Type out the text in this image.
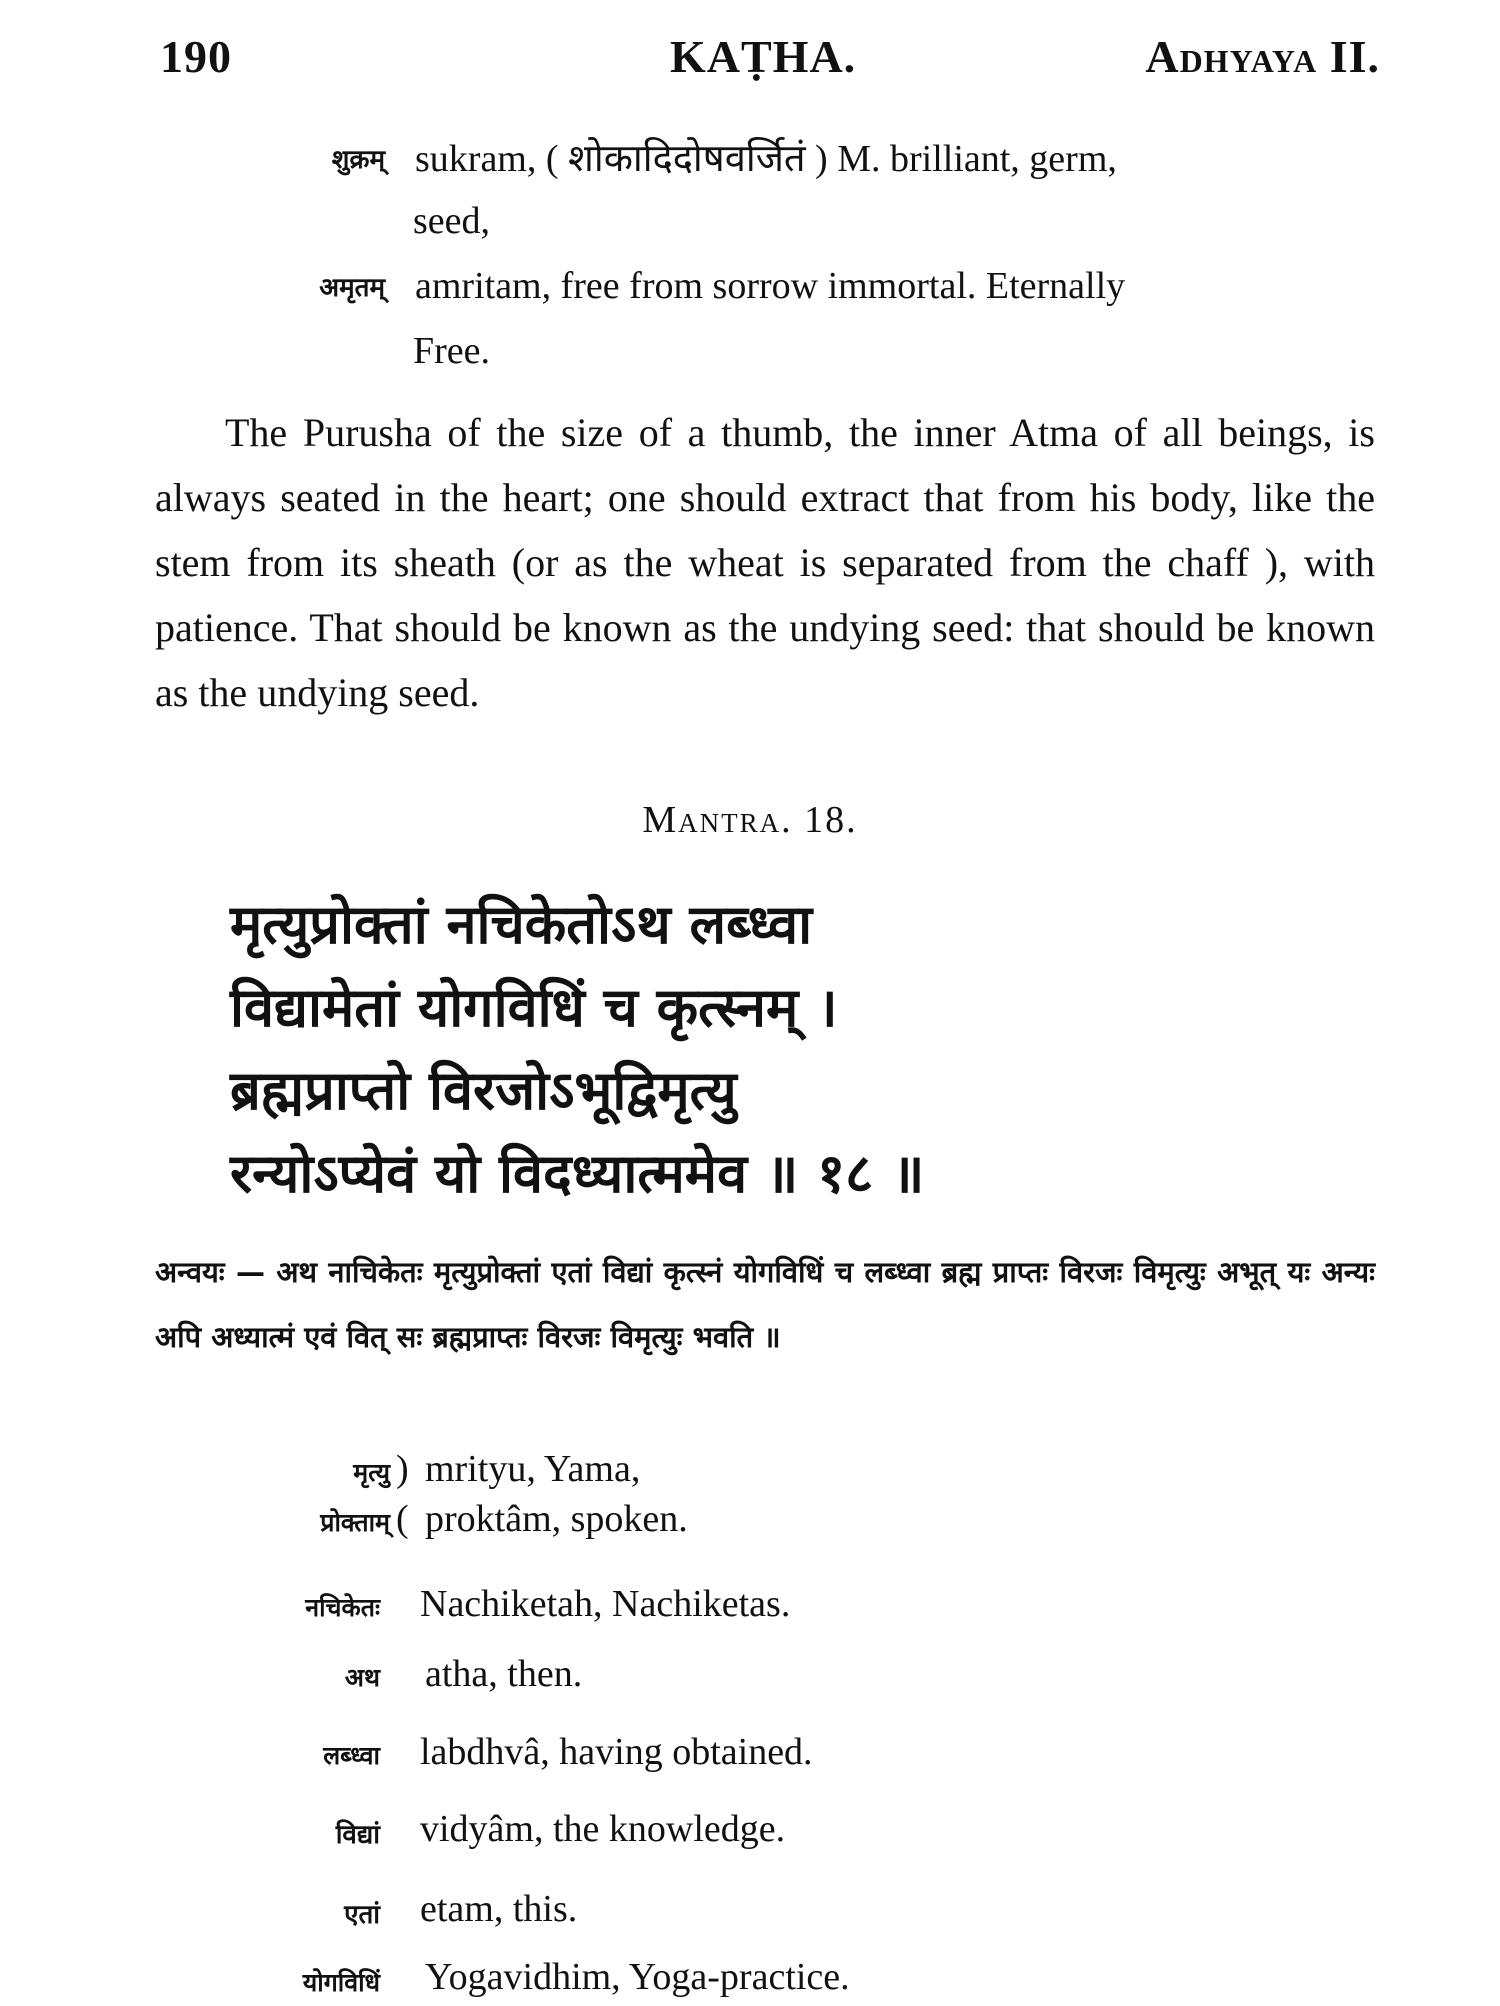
190	KAṬHA.	Adhyaya II.
शुक्रम् sukram, ( शोकादिदोषवर्जितं ) M. brilliant, germ,
seed,
अमृतम् amritam, free from sorrow immortal. Eternally
Free.

The Purusha of the size of a thumb, the inner Atma of all beings, is always seated in the heart; one should extract that from his body, like the stem from its sheath (or as the wheat is separated from the chaff ), with patience. That should be known as the undying seed: that should be known as the undying seed.

Mantra. 18.
मृत्युप्रोक्तां नचिकेतोऽथ लब्ध्वा
विद्यामेतां योगविधिं च कृत्स्नम् ।
ब्रह्मप्राप्तो विरजोऽभूद्विमृत्यु
रन्योऽप्येवं यो विदध्यात्ममेव ॥ १८ ॥

अन्वयः — अथ नाचिकेतः मृत्युप्रोक्तां एतां विद्यां कृत्स्नं योगविधिं च लब्ध्वा ब्रह्म प्राप्तः विरजः विमृत्युः अभूत् यः अन्यः अपि अध्यात्मं एवं वित् सः ब्रह्मप्राप्तः विरजः विमृत्युः भवति ॥

मृत्यु ) mrityu, Yama,
प्रोक्ताम् ( proktâm, spoken.
नचिकेतः Nachiketah, Nachiketas.
अथ atha, then.
लब्ध्वा labdhvâ, having obtained.
विद्यां vidyâm, the knowledge.
एतां etam, this.
योगविधिं Yogavidhim, Yoga-practice.
